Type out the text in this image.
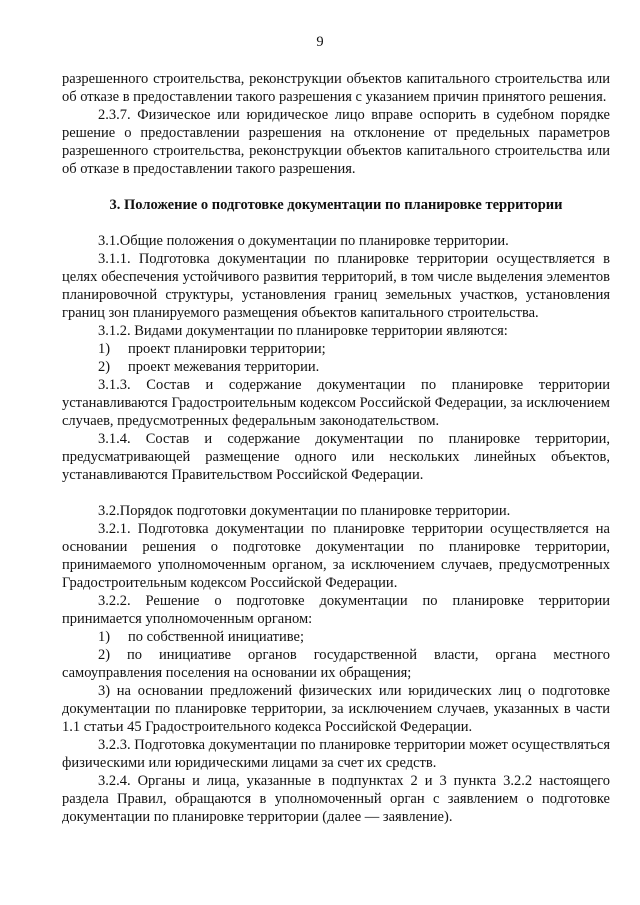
9

разрешенного строительства, реконструкции объектов капитального строительства или об отказе в предоставлении такого разрешения с указанием причин принятого решения.

2.3.7. Физическое или юридическое лицо вправе оспорить в судебном порядке решение о предоставлении разрешения на отклонение от предельных параметров разрешенного строительства, реконструкции объектов капитального строительства или об отказе в предоставлении такого разрешения.

3. Положение о подготовке документации по планировке территории

3.1.Общие положения о документации по планировке территории.

3.1.1. Подготовка документации по планировке территории осуществляется в целях обеспечения устойчивого развития территорий, в том числе выделения элементов планировочной структуры, установления границ земельных участков, установления границ зон планируемого размещения объектов капитального строительства.

3.1.2. Видами документации по планировке территории являются:

1)	проект планировки территории;
2)	проект межевания территории.

3.1.3. Состав и содержание документации по планировке территории устанавливаются Градостроительным кодексом Российской Федерации, за исключением случаев, предусмотренных федеральным законодательством.

3.1.4. Состав и содержание документации по планировке территории, предусматривающей размещение одного или нескольких линейных объектов, устанавливаются Правительством Российской Федерации.

3.2.Порядок подготовки документации по планировке территории.

3.2.1. Подготовка документации по планировке территории осуществляется на основании решения о подготовке документации по планировке территории, принимаемого уполномоченным органом, за исключением случаев, предусмотренных Градостроительным кодексом Российской Федерации.

3.2.2. Решение о подготовке документации по планировке территории принимается уполномоченным органом:

1)	по собственной инициативе;

2) по инициативе органов государственной власти, органа местного самоуправления поселения на основании их обращения;

3) на основании предложений физических или юридических лиц о подготовке документации по планировке территории, за исключением случаев, указанных в части 1.1 статьи 45 Градостроительного кодекса Российской Федерации.

3.2.3. Подготовка документации по планировке территории может осуществляться физическими или юридическими лицами за счет их средств.

3.2.4. Органы и лица, указанные в подпунктах 2 и 3 пункта 3.2.2 настоящего раздела Правил, обращаются в уполномоченный орган с заявлением о подготовке документации по планировке территории (далее — заявление).
